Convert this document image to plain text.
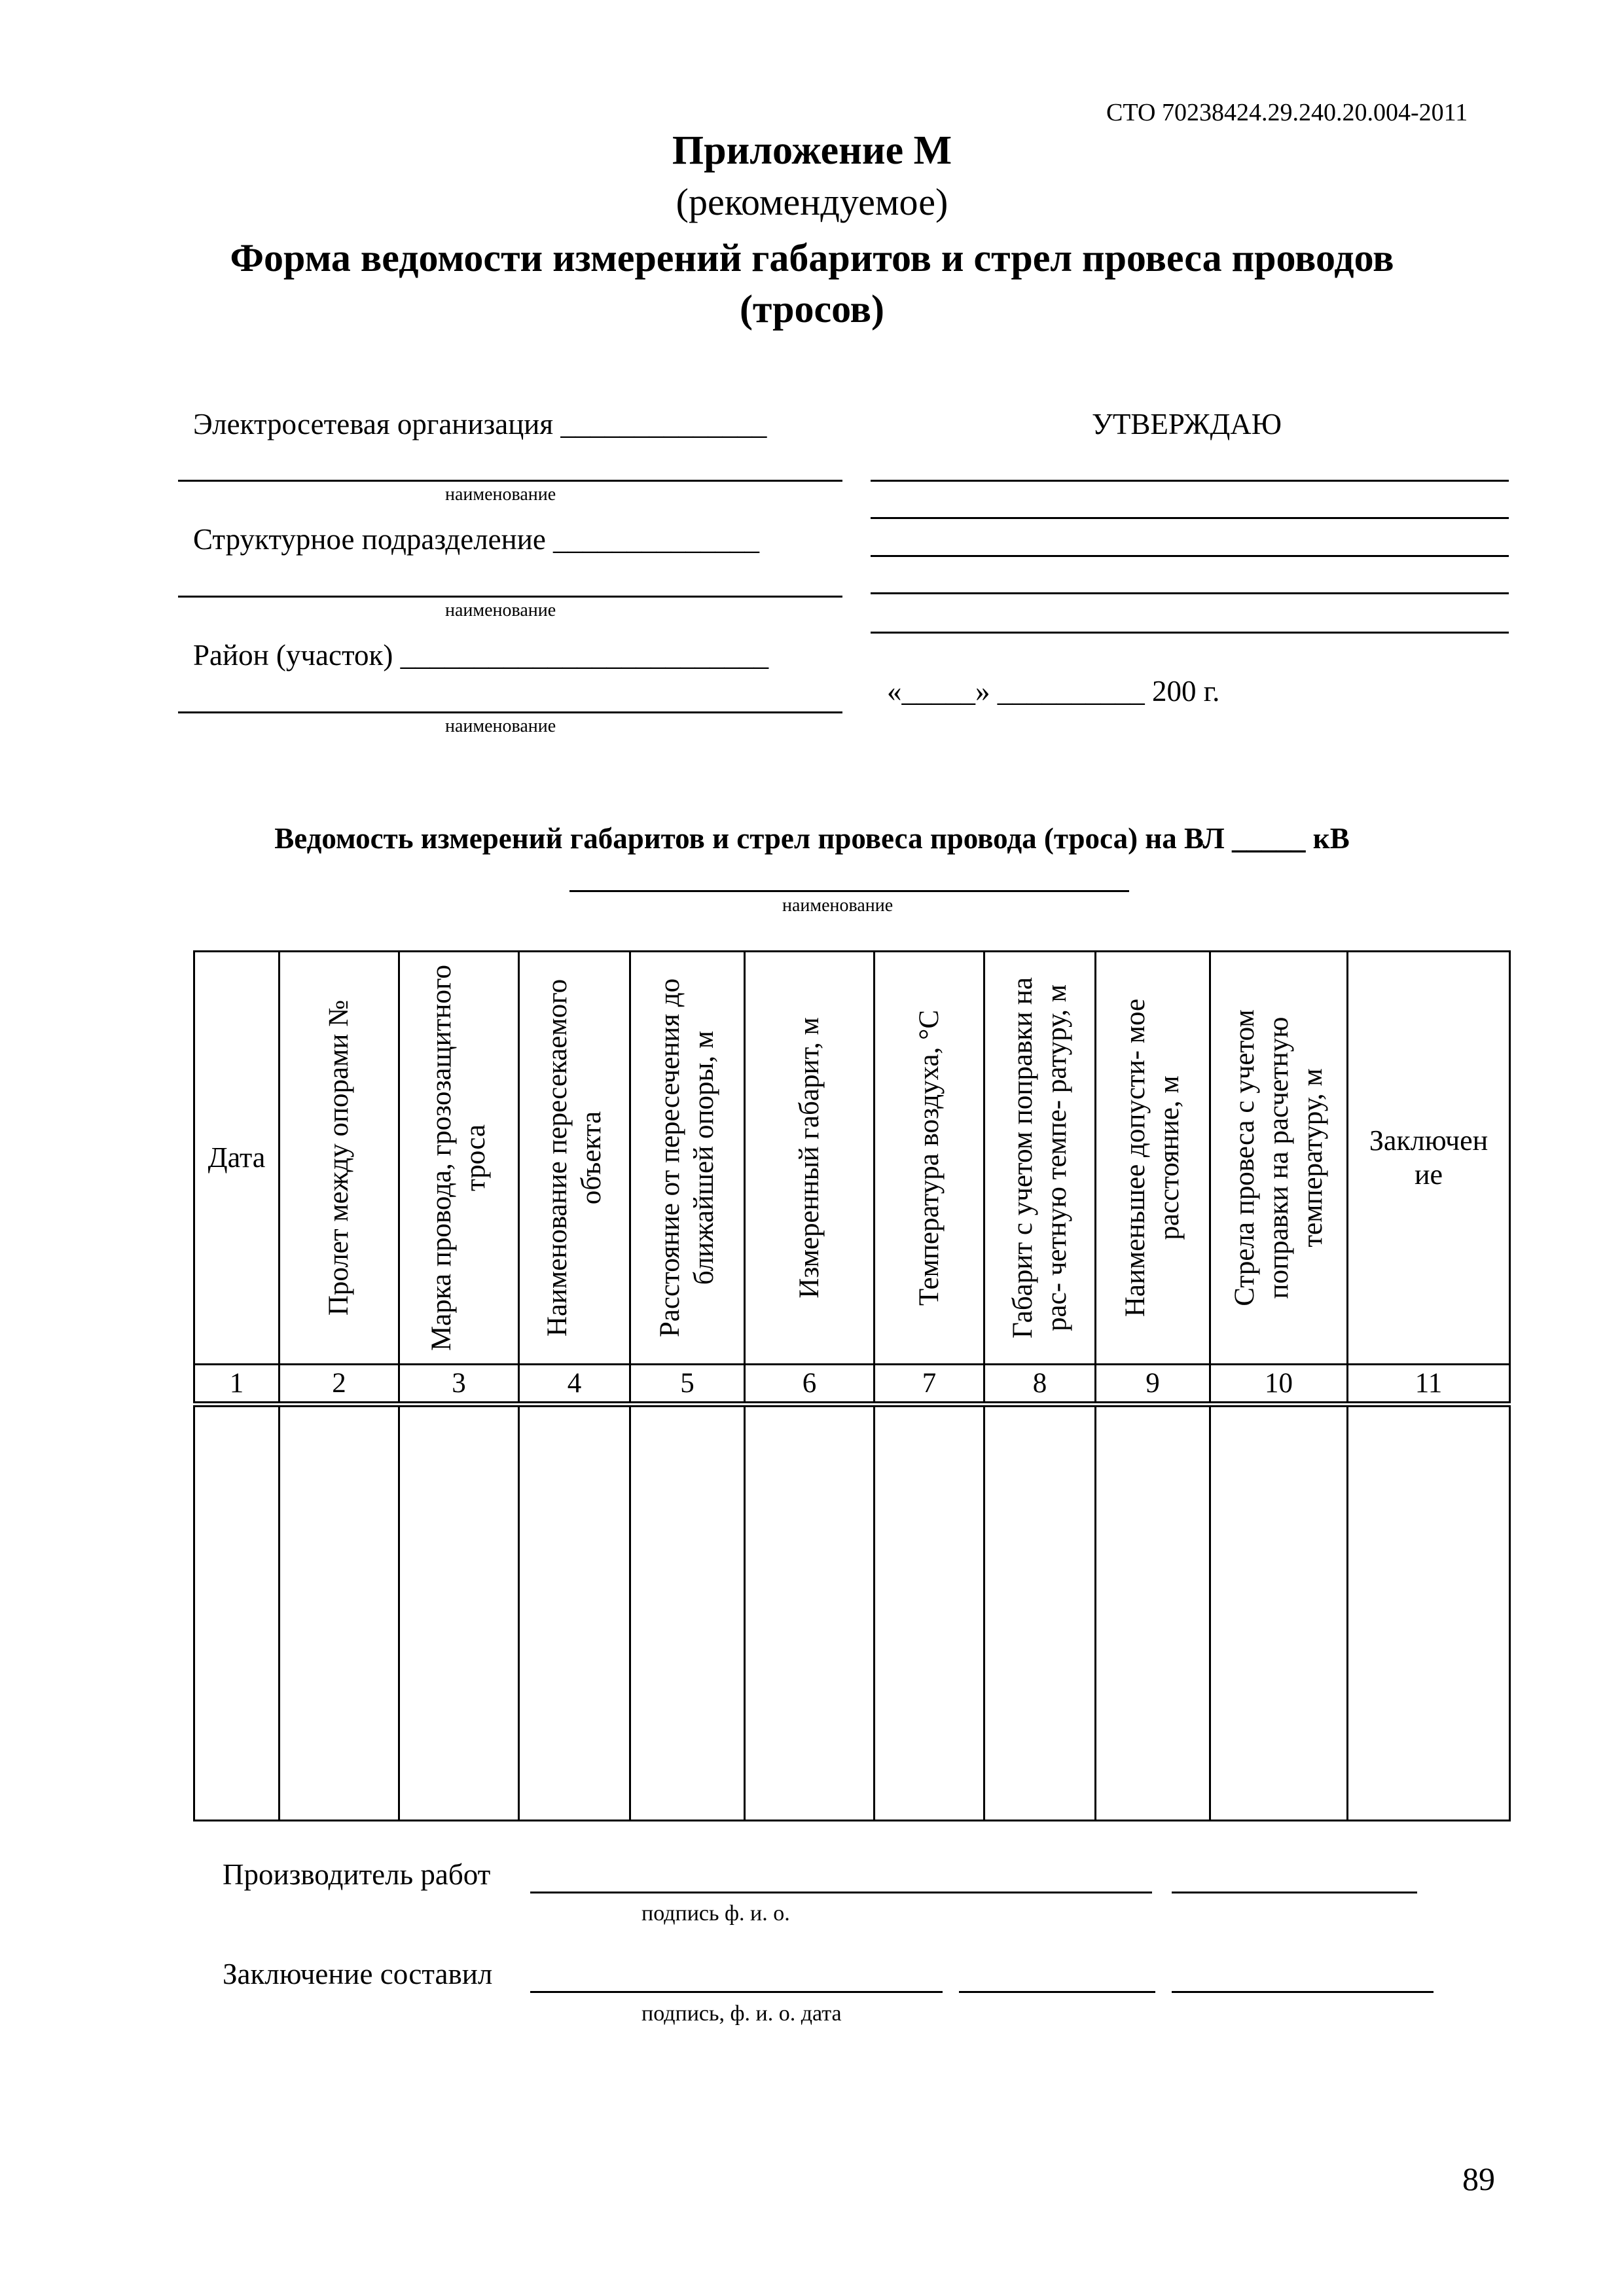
СТО 70238424.29.240.20.004-2011
Приложение М
(рекомендуемое)
Форма ведомости измерений габаритов и стрел провеса проводов
(тросов)
Электросетевая организация ______________
наименование
Структурное подразделение ______________
наименование
Район (участок) _________________________
наименование
УТВЕРЖДАЮ
«_____» __________ 200 г.
Ведомость измерений габаритов и стрел провеса провода (троса) на ВЛ _____ кВ
наименование
Дата	Пролет между опорами №	Марка провода, грозозащитного троса	Наименование пересекаемого объекта	Расстояние от пересечения до ближайшей опоры, м	Измеренный габарит, м	Температура воздуха, °С	Габарит с учетом поправки на рас- четную темпе- ратуру, м	Наименьшее допусти- мое расстояние, м	Стрела провеса с учетом поправки на расчетную температуру, м	Заключен ие

1	2	3	4	5	6	7	8	9	10	11

Производитель работ
подпись ф. и. о.
Заключение составил
подпись, ф. и. о. дата
89
